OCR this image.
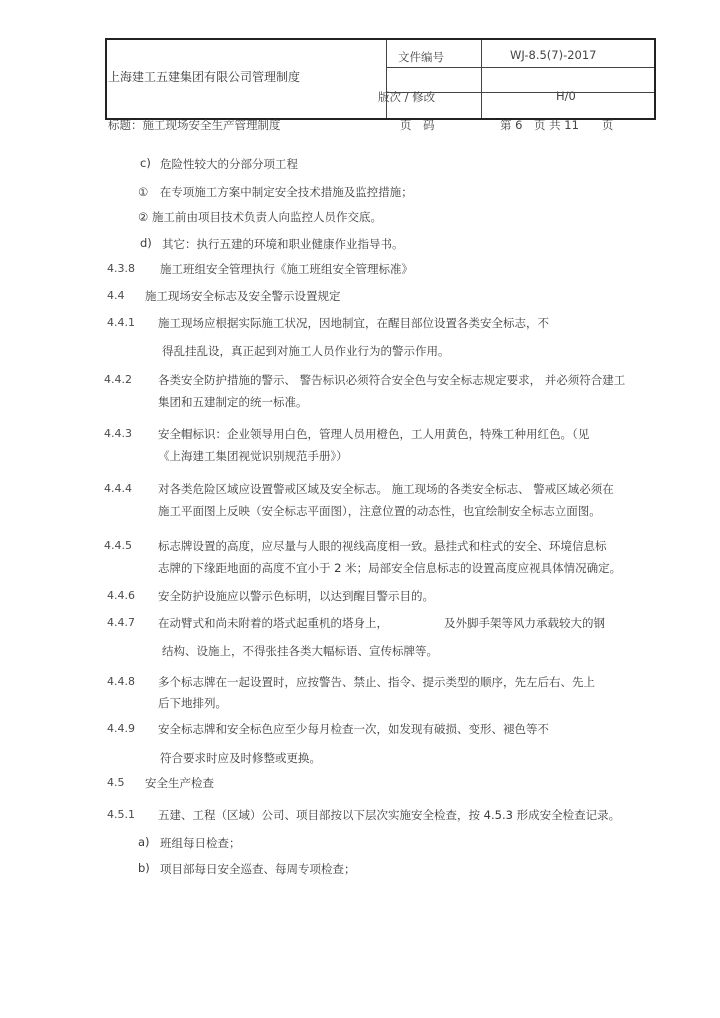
上海建工五建集团有限公司管理制度
文件编号	WJ-8.5(7)-2017
版次 / 修改	H/0
标题：施工现场安全生产管理制度	页　码	第 6　页 共 11　　页
c) 危险性较大的分部分项工程
①　在专项施工方案中制定安全技术措施及监控措施；
② 施工前由项目技术负责人向监控人员作交底。
d) 其它：执行五建的环境和职业健康作业指导书。
4.3.8 施工班组安全管理执行《施工班组安全管理标准》
4.4 施工现场安全标志及安全警示设置规定
4.4.1 施工现场应根据实际施工状况，因地制宜，在醒目部位设置各类安全标志，不
得乱挂乱设，真正起到对施工人员作业行为的警示作用。
4.4.2 各类安全防护措施的警示、 警告标识必须符合安全色与安全标志规定要求， 并必须符合建工
集团和五建制定的统一标准。
4.4.3 安全帽标识：企业领导用白色，管理人员用橙色，工人用黄色，特殊工种用红色。（见
《上海建工集团视觉识别规范手册》）
4.4.4 对各类危险区域应设置警戒区域及安全标志。 施工现场的各类安全标志、 警戒区域必须在
施工平面图上反映（安全标志平面图），注意位置的动态性，也宜绘制安全标志立面图。
4.4.5 标志牌设置的高度，应尽量与人眼的视线高度相一致。悬挂式和柱式的安全、环境信息标
志牌的下缘距地面的高度不宜小于 2 米；局部安全信息标志的设置高度应视具体情况确定。
4.4.6 安全防护设施应以警示色标明，以达到醒目警示目的。
4.4.7 在动臂式和尚未附着的塔式起重机的塔身上，	及外脚手架等风力承载较大的钢
结构、设施上，不得张挂各类大幅标语、宣传标牌等。
4.4.8 多个标志牌在一起设置时，应按警告、禁止、指令、提示类型的顺序，先左后右、先上
后下地排列。
4.4.9 安全标志牌和安全标色应至少每月检查一次，如发现有破损、变形、褪色等不
符合要求时应及时修整或更换。
4.5 安全生产检查
4.5.1 五建、工程（区域）公司、项目部按以下层次实施安全检查，按 4.5.3 形成安全检查记录。
a) 班组每日检查；
b) 项目部每日安全巡查、每周专项检查；
